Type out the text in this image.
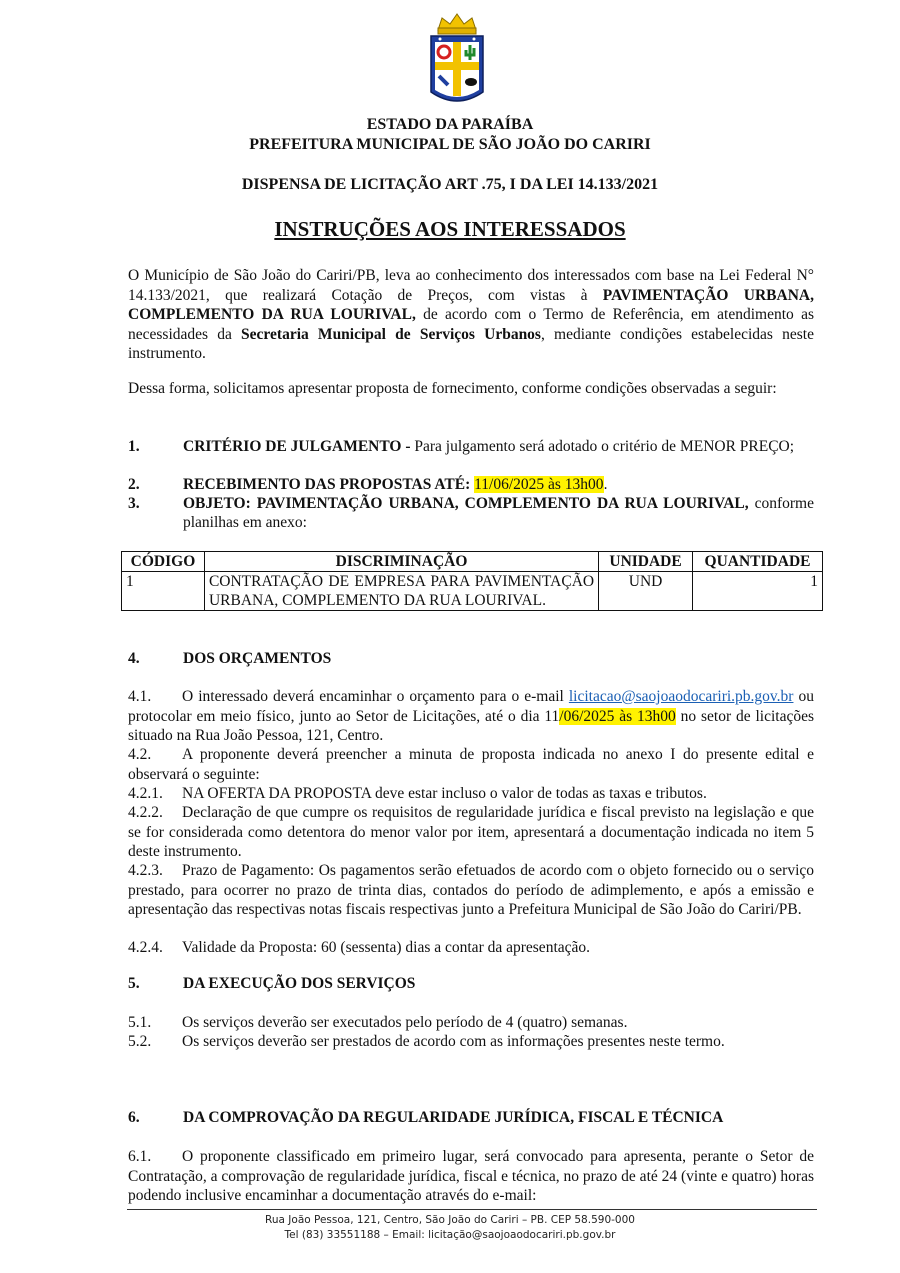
ESTADO DA PARAÍBA
PREFEITURA MUNICIPAL DE SÃO JOÃO DO CARIRI
DISPENSA DE LICITAÇÃO ART .75, I DA LEI 14.133/2021
INSTRUÇÕES AOS INTERESSADOS
O Município de São João do Cariri/PB, leva ao conhecimento dos interessados com base na Lei Federal N° 14.133/2021, que realizará Cotação de Preços, com vistas à PAVIMENTAÇÃO URBANA, COMPLEMENTO DA RUA LOURIVAL, de acordo com o Termo de Referência, em atendimento as necessidades da Secretaria Municipal de Serviços Urbanos, mediante condições estabelecidas neste instrumento.
Dessa forma, solicitamos apresentar proposta de fornecimento, conforme condições observadas a seguir:
1.	CRITÉRIO DE JULGAMENTO - Para julgamento será adotado o critério de MENOR PREÇO;
2.	RECEBIMENTO DAS PROPOSTAS ATÉ: 11/06/2025 às 13h00.
3.	OBJETO: PAVIMENTAÇÃO URBANA, COMPLEMENTO DA RUA LOURIVAL, conforme planilhas em anexo:
CÓDIGO	DISCRIMINAÇÃO	UNIDADE	QUANTIDADE
1	CONTRATAÇÃO DE EMPRESA PARA PAVIMENTAÇÃO URBANA, COMPLEMENTO DA RUA LOURIVAL.	UND	1
4.	DOS ORÇAMENTOS
4.1. O interessado deverá encaminhar o orçamento para o e-mail licitacao@saojoaodocariri.pb.gov.br ou protocolar em meio físico, junto ao Setor de Licitações, até o dia 11/06/2025 às 13h00 no setor de licitações situado na Rua João Pessoa, 121, Centro.
4.2. A proponente deverá preencher a minuta de proposta indicada no anexo I do presente edital e observará o seguinte:
4.2.1. NA OFERTA DA PROPOSTA deve estar incluso o valor de todas as taxas e tributos.
4.2.2. Declaração de que cumpre os requisitos de regularidade jurídica e fiscal previsto na legislação e que se for considerada como detentora do menor valor por item, apresentará a documentação indicada no item 5 deste instrumento.
4.2.3. Prazo de Pagamento: Os pagamentos serão efetuados de acordo com o objeto fornecido ou o serviço prestado, para ocorrer no prazo de trinta dias, contados do período de adimplemento, e após a emissão e apresentação das respectivas notas fiscais respectivas junto a Prefeitura Municipal de São João do Cariri/PB.
4.2.4. Validade da Proposta: 60 (sessenta) dias a contar da apresentação.
5.	DA EXECUÇÃO DOS SERVIÇOS
5.1. Os serviços deverão ser executados pelo período de 4 (quatro) semanas.
5.2. Os serviços deverão ser prestados de acordo com as informações presentes neste termo.
6.	DA COMPROVAÇÃO DA REGULARIDADE JURÍDICA, FISCAL E TÉCNICA
6.1. O proponente classificado em primeiro lugar, será convocado para apresenta, perante o Setor de Contratação, a comprovação de regularidade jurídica, fiscal e técnica, no prazo de até 24 (vinte e quatro) horas podendo inclusive encaminhar a documentação através do e-mail:
Rua João Pessoa, 121, Centro, São João do Cariri – PB. CEP 58.590-000
Tel (83) 33551188 – Email: licitação@saojoaodocariri.pb.gov.br
